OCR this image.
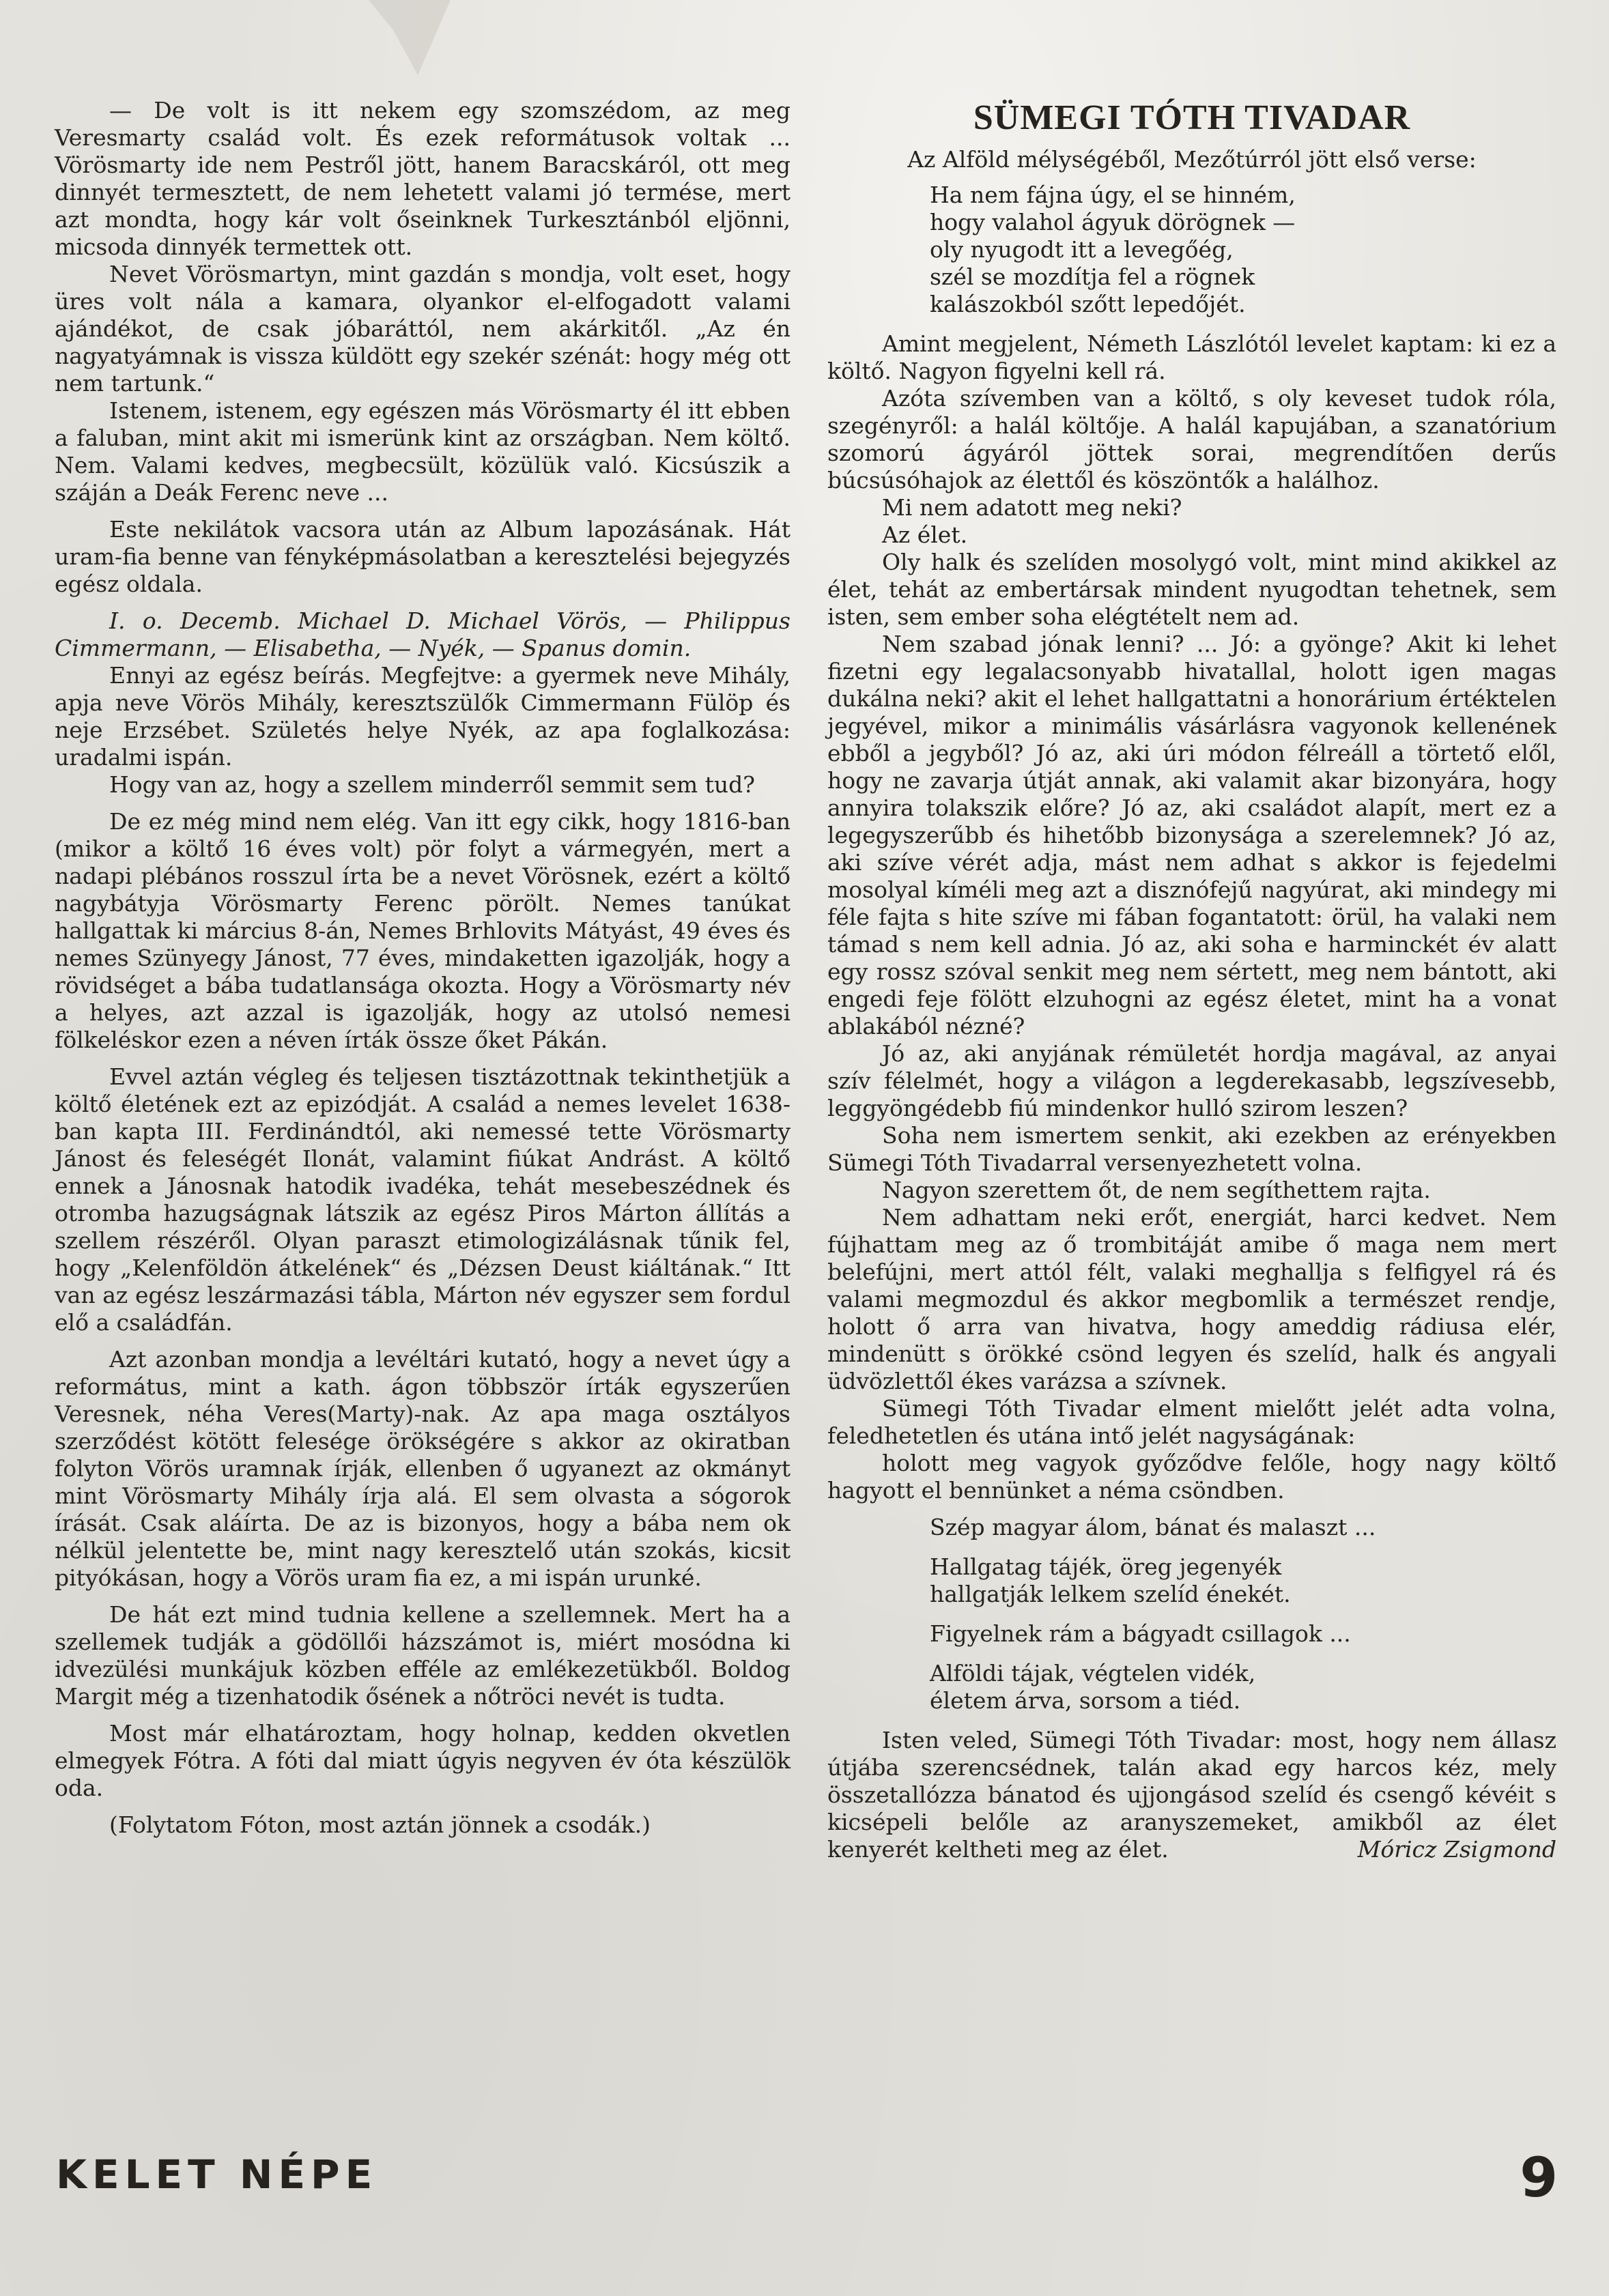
— De volt is itt nekem egy szomszédom, az meg Veresmarty család volt. És ezek reformátusok voltak ... Vörösmarty ide nem Pestről jött, hanem Baracskáról, ott meg dinnyét termesztett, de nem lehetett valami jó termése, mert azt mondta, hogy kár volt őseinknek Turkesztánból eljönni, micsoda dinnyék termettek ott.

Nevet Vörösmartyn, mint gazdán s mondja, volt eset, hogy üres volt nála a kamara, olyankor el-elfogadott valami ajándékot, de csak jóbaráttól, nem akárkitől. „Az én nagyatyámnak is vissza küldött egy szekér szénát: hogy még ott nem tartunk.“

Istenem, istenem, egy egészen más Vörösmarty él itt ebben a faluban, mint akit mi ismerünk kint az országban. Nem költő. Nem. Valami kedves, megbecsült, közülük való. Kicsúszik a száján a Deák Ferenc neve ...

Este nekilátok vacsora után az Album lapozásának. Hát uram-fia benne van fényképmásolatban a keresztelési bejegyzés egész oldala.

I. o. Decemb. Michael D. Michael Vörös, — Philippus Cimmermann, — Elisabetha, — Nyék, — Spanus domin.

Ennyi az egész beírás. Megfejtve: a gyermek neve Mihály, apja neve Vörös Mihály, keresztszülők Cimmermann Fülöp és neje Erzsébet. Születés helye Nyék, az apa foglalkozása: uradalmi ispán.

Hogy van az, hogy a szellem minderről semmit sem tud?

De ez még mind nem elég. Van itt egy cikk, hogy 1816-ban (mikor a költő 16 éves volt) pör folyt a vármegyén, mert a nadapi plébános rosszul írta be a nevet Vörösnek, ezért a költő nagybátyja Vörösmarty Ferenc pörölt. Nemes tanúkat hallgattak ki március 8-án, Nemes Brhlovits Mátyást, 49 éves és nemes Szünyegy Jánost, 77 éves, mindaketten igazolják, hogy a rövidséget a bába tudatlansága okozta. Hogy a Vörösmarty név a helyes, azt azzal is igazolják, hogy az utolsó nemesi fölkeléskor ezen a néven írták össze őket Pákán.

Evvel aztán végleg és teljesen tisztázottnak tekinthetjük a költő életének ezt az epizódját. A család a nemes levelet 1638-ban kapta III. Ferdinándtól, aki nemessé tette Vörösmarty Jánost és feleségét Ilonát, valamint fiúkat Andrást. A költő ennek a Jánosnak hatodik ivadéka, tehát mesebeszédnek és otromba hazugságnak látszik az egész Piros Márton állítás a szellem részéről. Olyan paraszt etimologizálásnak tűnik fel, hogy „Kelenföldön átkelének“ és „Dézsen Deust kiáltának.“ Itt van az egész leszármazási tábla, Márton név egyszer sem fordul elő a családfán.

Azt azonban mondja a levéltári kutató, hogy a nevet úgy a református, mint a kath. ágon többször írták egyszerűen Veresnek, néha Veres(Marty)-nak. Az apa maga osztályos szerződést kötött felesége örökségére s akkor az okiratban folyton Vörös uramnak írják, ellenben ő ugyanezt az okmányt mint Vörösmarty Mihály írja alá. El sem olvasta a sógorok írását. Csak aláírta. De az is bizonyos, hogy a bába nem ok nélkül jelentette be, mint nagy keresztelő után szokás, kicsit pityókásan, hogy a Vörös uram fia ez, a mi ispán urunké.

De hát ezt mind tudnia kellene a szellemnek. Mert ha a szellemek tudják a gödöllői házszámot is, miért mosódna ki idvezülési munkájuk közben efféle az emlékezetükből. Boldog Margit még a tizenhatodik ősének a nőtröci nevét is tudta.

Most már elhatároztam, hogy holnap, kedden okvetlen elmegyek Fótra. A fóti dal miatt úgyis negyven év óta készülök oda.

(Folytatom Fóton, most aztán jönnek a csodák.)

SÜMEGI TÓTH TIVADAR

Az Alföld mélységéből, Mezőtúrról jött első verse:

Ha nem fájna úgy, el se hinném,
hogy valahol ágyuk dörögnek —
oly nyugodt itt a levegőég,
szél se mozdítja fel a rögnek
kalászokból szőtt lepedőjét.

Amint megjelent, Németh Lászlótól levelet kaptam: ki ez a költő. Nagyon figyelni kell rá.

Azóta szívemben van a költő, s oly keveset tudok róla, szegényről: a halál költője. A halál kapujában, a szanatórium szomorú ágyáról jöttek sorai, megrendítően derűs búcsúsóhajok az élettől és köszöntők a halálhoz.

Mi nem adatott meg neki?

Az élet.

Oly halk és szelíden mosolygó volt, mint mind akikkel az élet, tehát az embertársak mindent nyugodtan tehetnek, sem isten, sem ember soha elégtételt nem ad.

Nem szabad jónak lenni? ... Jó: a gyönge? Akit ki lehet fizetni egy legalacsonyabb hivatallal, holott igen magas dukálna neki? akit el lehet hallgattatni a honorárium értéktelen jegyével, mikor a minimális vásárlásra vagyonok kellenének ebből a jegyből? Jó az, aki úri módon félreáll a törtető elől, hogy ne zavarja útját annak, aki valamit akar bizonyára, hogy annyira tolakszik előre? Jó az, aki családot alapít, mert ez a legegyszerűbb és hihetőbb bizonysága a szerelemnek? Jó az, aki szíve vérét adja, mást nem adhat s akkor is fejedelmi mosolyal kíméli meg azt a disznófejű nagyúrat, aki mindegy mi féle fajta s hite szíve mi fában fogantatott: örül, ha valaki nem támad s nem kell adnia. Jó az, aki soha e harminckét év alatt egy rossz szóval senkit meg nem sértett, meg nem bántott, aki engedi feje fölött elzuhogni az egész életet, mint ha a vonat ablakából nézné?

Jó az, aki anyjának rémületét hordja magával, az anyai szív félelmét, hogy a világon a legderekasabb, legszívesebb, leggyöngédebb fiú mindenkor hulló szirom leszen?

Soha nem ismertem senkit, aki ezekben az erényekben Sümegi Tóth Tivadarral versenyezhetett volna.

Nagyon szerettem őt, de nem segíthettem rajta.

Nem adhattam neki erőt, energiát, harci kedvet. Nem fújhattam meg az ő trombitáját amibe ő maga nem mert belefújni, mert attól félt, valaki meghallja s felfigyel rá és valami megmozdul és akkor megbomlik a természet rendje, holott ő arra van hivatva, hogy ameddig rádiusa elér, mindenütt s örökké csönd legyen és szelíd, halk és angyali üdvözlettől ékes varázsa a szívnek.

Sümegi Tóth Tivadar elment mielőtt jelét adta volna, feledhetetlen és utána intő jelét nagyságának:

holott meg vagyok győződve felőle, hogy nagy költő hagyott el bennünket a néma csöndben.

Szép magyar álom, bánat és malaszt ...
Hallgatag tájék, öreg jegenyék
hallgatják lelkem szelíd énekét.
Figyelnek rám a bágyadt csillagok ...
Alföldi tájak, végtelen vidék,
életem árva, sorsom a tiéd.

Isten veled, Sümegi Tóth Tivadar: most, hogy nem állasz útjába szerencsédnek, talán akad egy harcos kéz, mely összetallózza bánatod és ujjongásod szelíd és csengő kévéit s kicsépeli belőle az aranyszemeket, amikből az élet

kenyerét keltheti meg az élet.	Móricz Zsigmond
KELET NÉPE	9
